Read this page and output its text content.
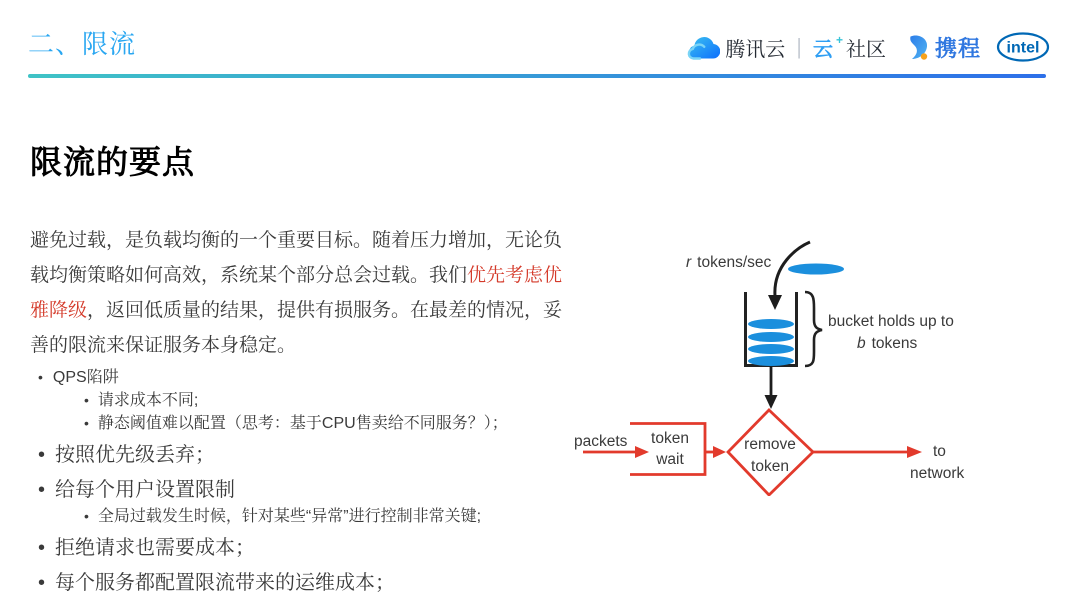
二、限流	腾讯云 | 云 + 社区 携程 intel
限流的要点
避免过载，是负载均衡的一个重要目标。随着压力增加，无论负载均衡策略如何高效，系统某个部分总会过载。我们优先考虑优雅降级，返回低质量的结果，提供有损服务。在最差的情况，妥善的限流来保证服务本身稳定。
• QPS陷阱
• 请求成本不同;
• 静态阈值难以配置（思考：基于CPU售卖给不同服务？）；
• 按照优先级丢弃；
• 给每个用户设置限制
• 全局过载发生时候，针对某些“异常”进行控制非常关键;
• 拒绝请求也需要成本；
• 每个服务都配置限流带来的运维成本；
r tokens/sec
bucket holds up to
b tokens
packets token
wait
remove
token
to
network
